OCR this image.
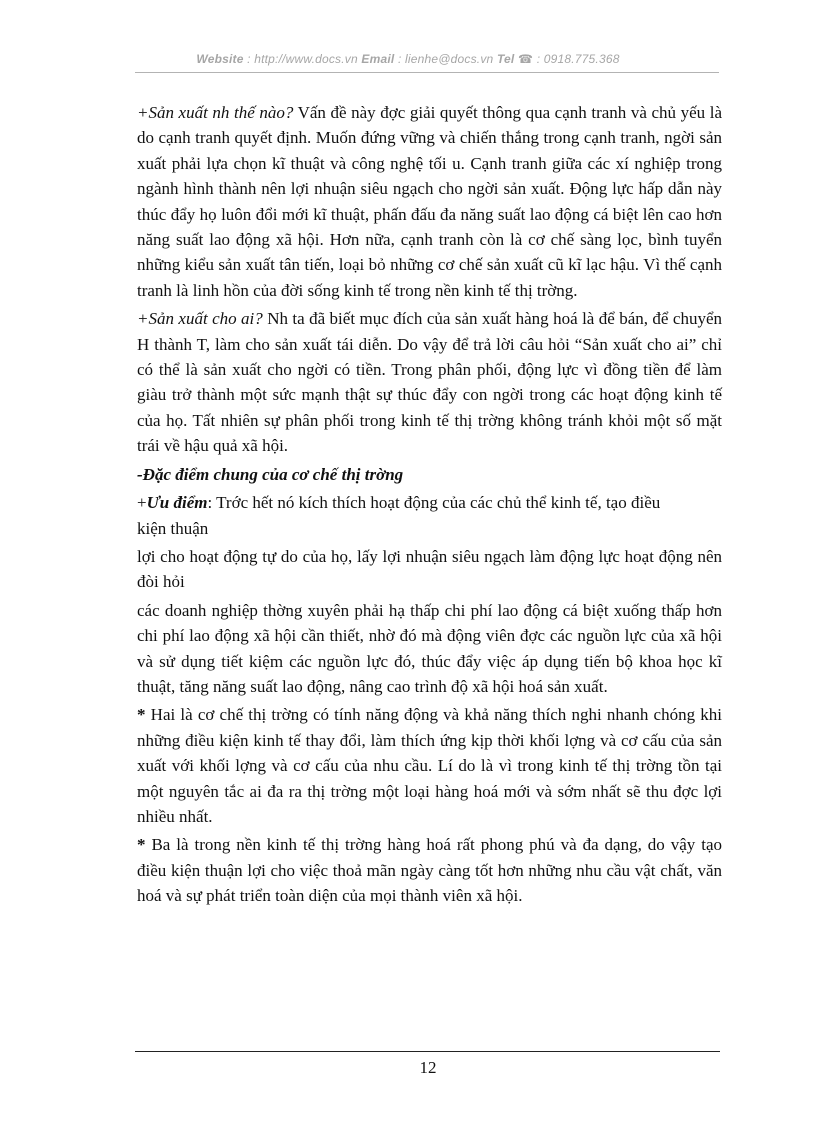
Website : http://www.docs.vn Email : lienhe@docs.vn Tel ☎ : 0918.775.368

+Sản xuất nh thế nào? Vấn đề này đợc giải quyết thông qua cạnh tranh và chủ yếu là do cạnh tranh quyết định. Muốn đứng vững và chiến thắng trong cạnh tranh, ngời sản xuất phải lựa chọn kĩ thuật và công nghệ tối u. Cạnh tranh giữa các xí nghiệp trong ngành hình thành nên lợi nhuận siêu ngạch cho ngời sản xuất. Động lực hấp dẫn này thúc đẩy họ luôn đổi mới kĩ thuật, phấn đấu đa năng suất lao động cá biệt lên cao hơn năng suất lao động xã hội. Hơn nữa, cạnh tranh còn là cơ chế sàng lọc, bình tuyển những kiểu sản xuất tân tiến, loại bỏ những cơ chế sản xuất cũ kĩ lạc hậu. Vì thế cạnh tranh là linh hồn của đời sống kinh tế trong nền kinh tế thị trờng.

+Sản xuất cho ai? Nh ta đã biết mục đích của sản xuất hàng hoá là để bán, để chuyển H thành T, làm cho sản xuất tái diễn. Do vậy để trả lời câu hỏi “Sản xuất cho ai” chỉ có thể là sản xuất cho ngời có tiền. Trong phân phối, động lực vì đồng tiền để làm giàu trở thành một sức mạnh thật sự thúc đẩy con ngời trong các hoạt động kinh tế của họ. Tất nhiên sự phân phối trong kinh tế thị trờng không tránh khỏi một số mặt trái về hậu quả xã hội.

-Đặc điểm chung của cơ chế thị trờng

+Ưu điểm: Trớc hết nó kích thích hoạt động của các chủ thể kinh tế, tạo điều
kiện thuận

lợi cho hoạt động tự do của họ, lấy lợi nhuận siêu ngạch làm động lực hoạt động nên đòi hỏi

các doanh nghiệp thờng xuyên phải hạ thấp chi phí lao động cá biệt xuống thấp hơn chi phí lao động xã hội cần thiết, nhờ đó mà động viên đợc các nguồn lực của xã hội và sử dụng tiết kiệm các nguồn lực đó, thúc đẩy việc áp dụng tiến bộ khoa học kĩ thuật, tăng năng suất lao động, nâng cao trình độ xã hội hoá sản xuất.

* Hai là cơ chế thị trờng có tính năng động và khả năng thích nghi nhanh chóng khi những điều kiện kinh tế thay đổi, làm thích ứng kịp thời khối lợng và cơ cấu của sản xuất với khối lợng và cơ cấu của nhu cầu. Lí do là vì trong kinh tế thị trờng tồn tại một nguyên tắc ai đa ra thị trờng một loại hàng hoá mới và sớm nhất sẽ thu đợc lợi nhiều nhất.

* Ba là trong nền kinh tế thị trờng hàng hoá rất phong phú và đa dạng, do vậy tạo điều kiện thuận lợi cho việc thoả mãn ngày càng tốt hơn những nhu cầu vật chất, văn hoá và sự phát triển toàn diện của mọi thành viên xã hội.

12
